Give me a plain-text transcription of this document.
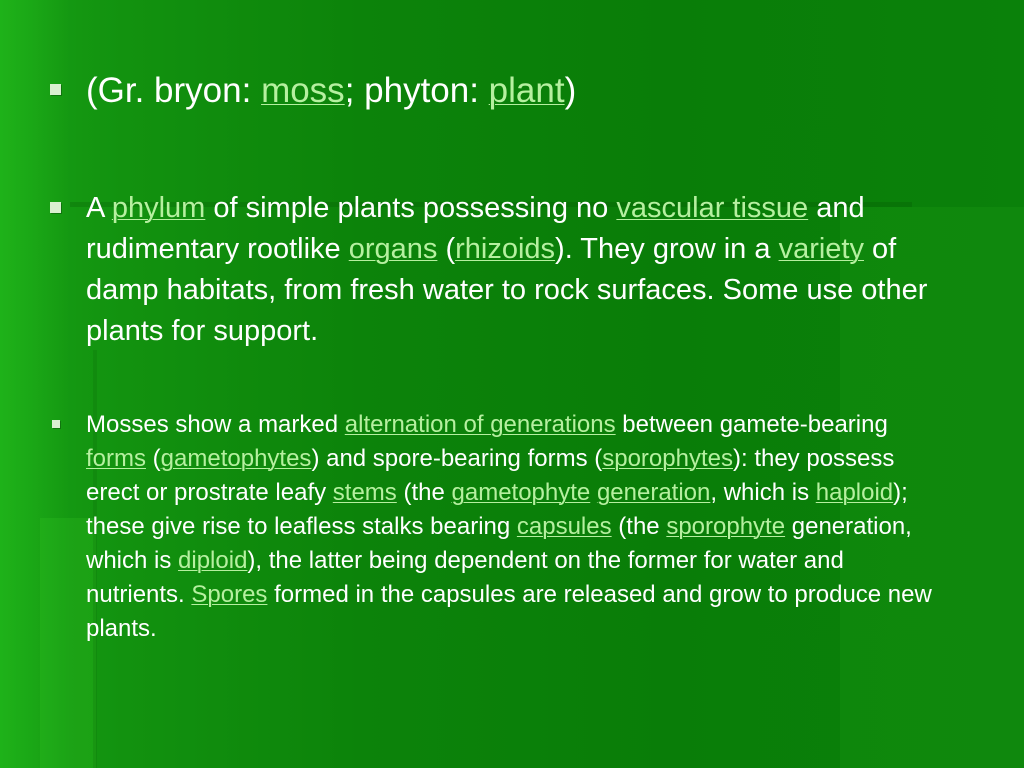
(Gr. bryon: moss; phyton: plant)
A phylum of simple plants possessing no vascular tissue and rudimentary rootlike organs (rhizoids). They grow in a variety of damp habitats, from fresh water to rock surfaces. Some use other plants for support.
Mosses show a marked alternation of generations between gamete-bearing forms (gametophytes) and spore-bearing forms (sporophytes): they possess erect or prostrate leafy stems (the gametophyte generation, which is haploid); these give rise to leafless stalks bearing capsules (the sporophyte generation, which is diploid), the latter being dependent on the former for water and nutrients. Spores formed in the capsules are released and grow to produce new plants.
